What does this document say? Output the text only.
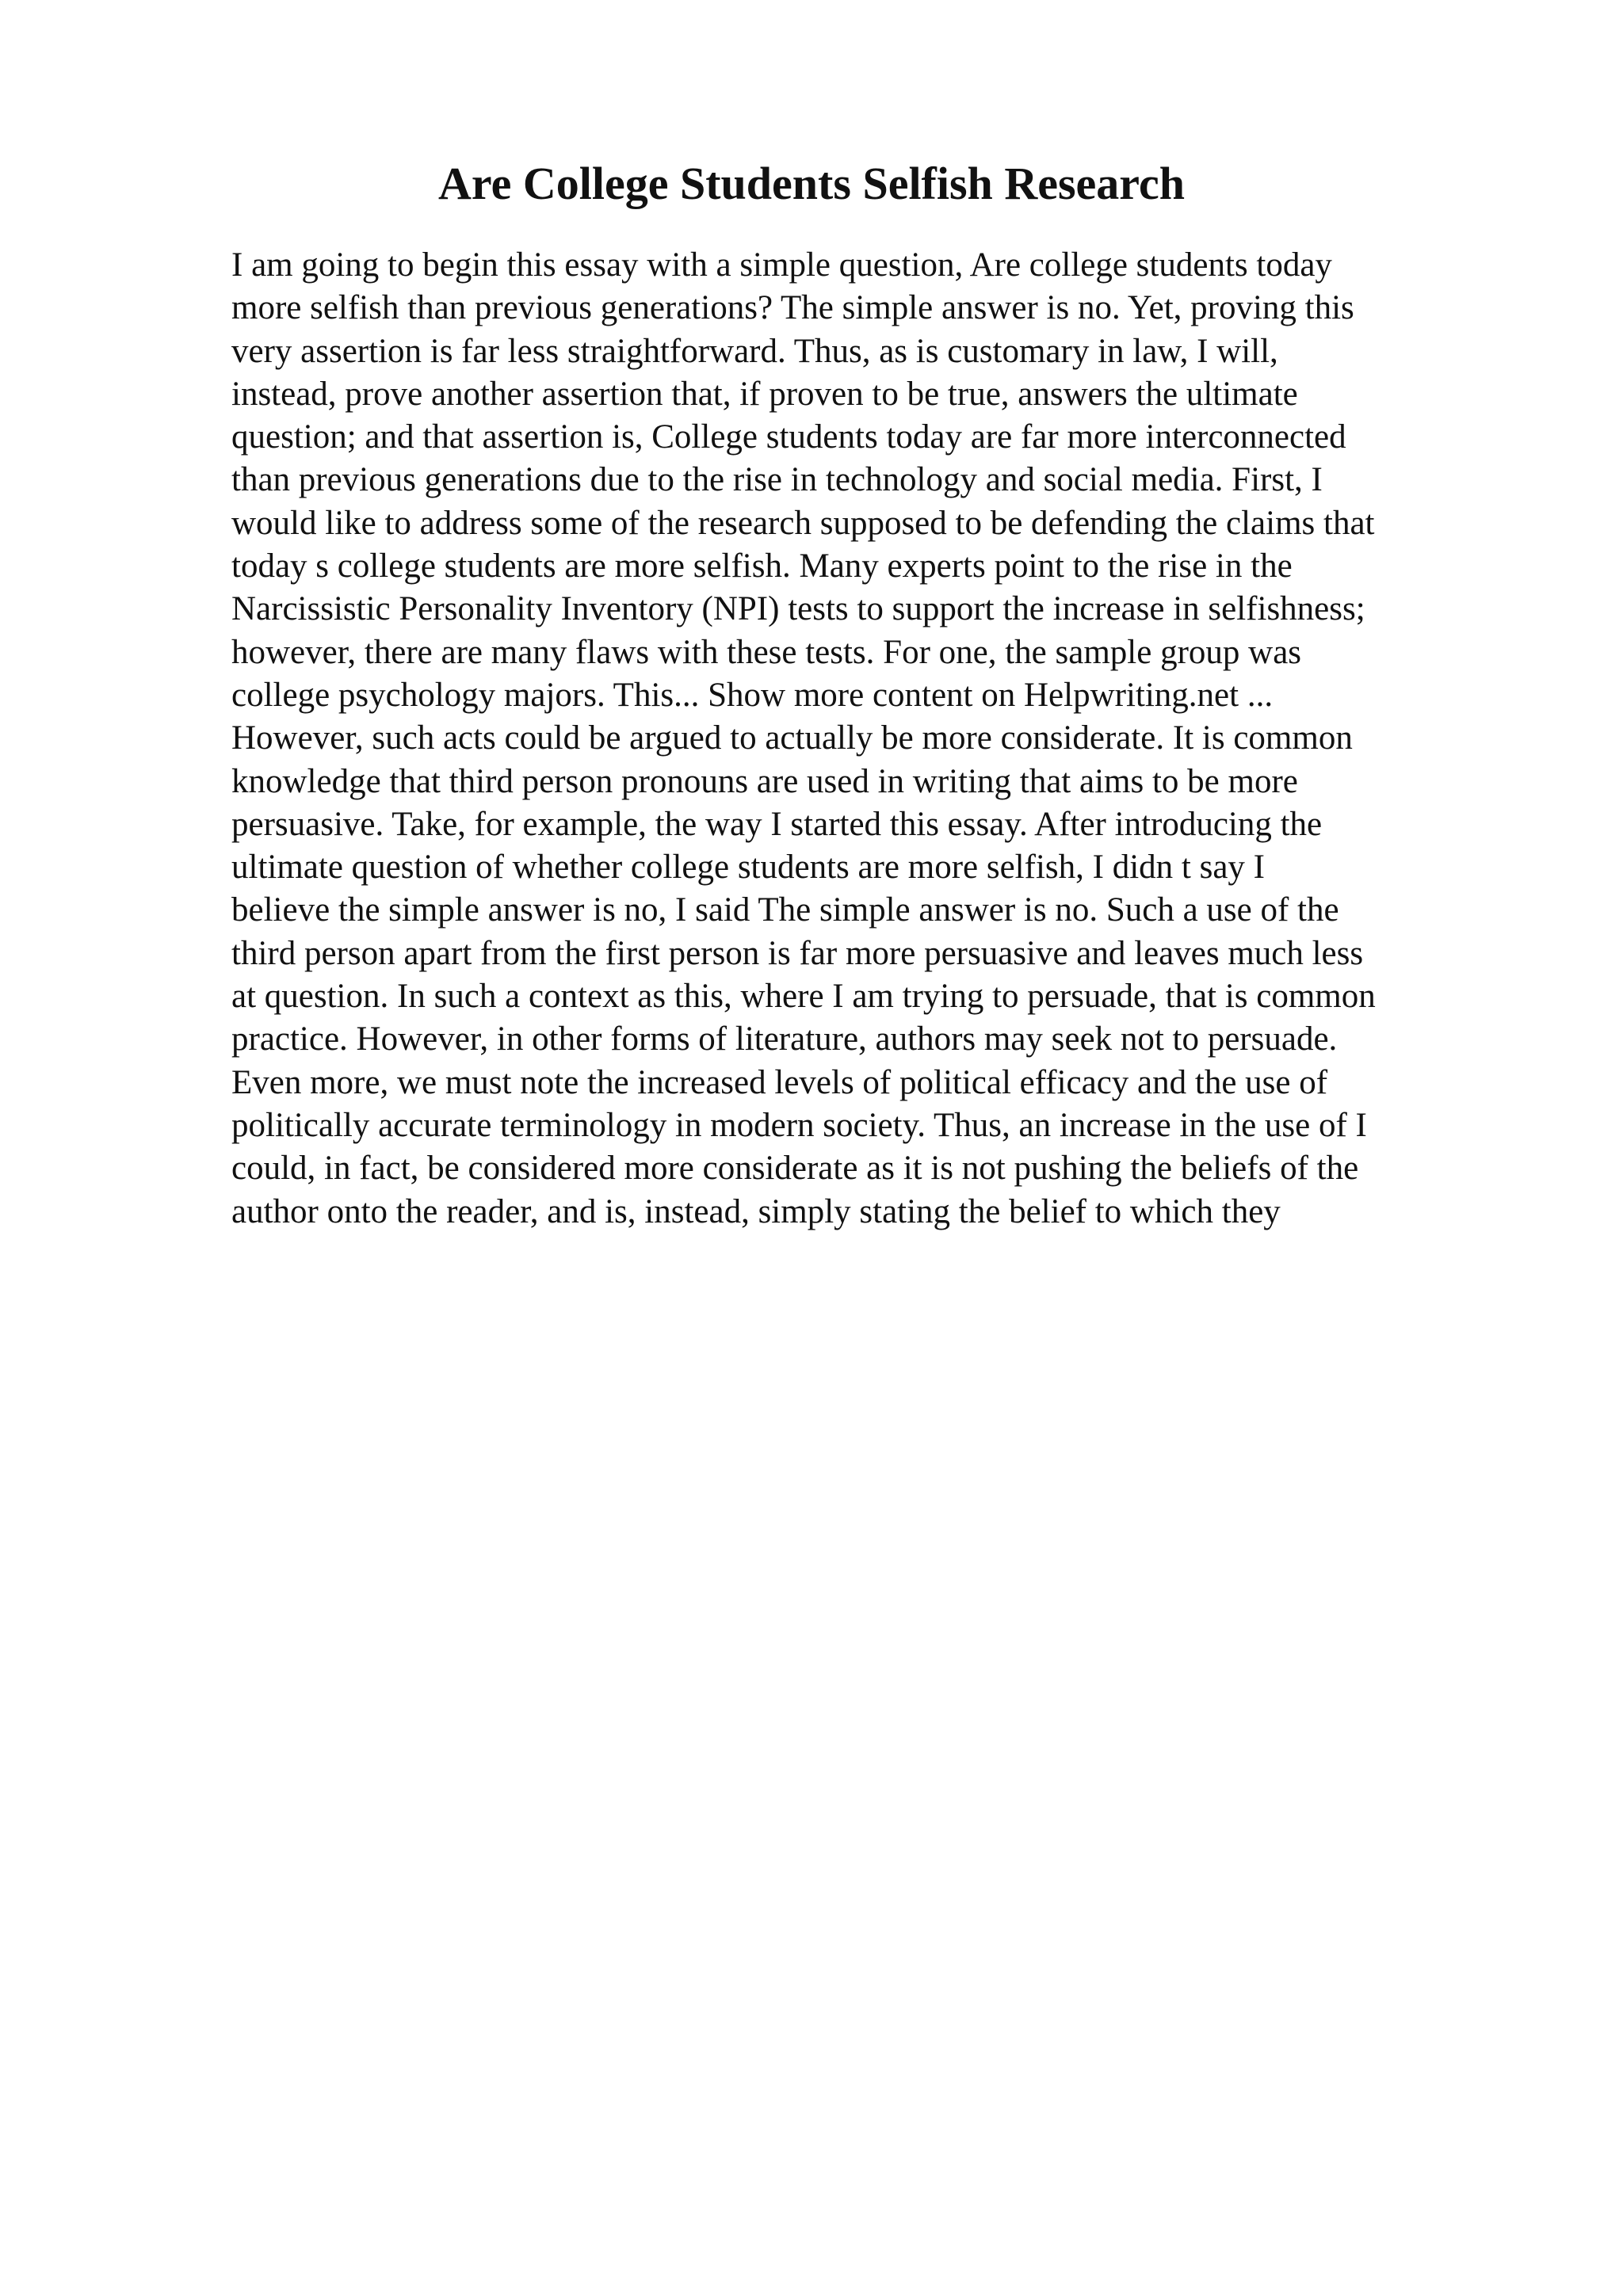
Are College Students Selfish Research
I am going to begin this essay with a simple question, Are college students today
more selfish than previous generations? The simple answer is no. Yet, proving this
very assertion is far less straightforward. Thus, as is customary in law, I will,
instead, prove another assertion that, if proven to be true, answers the ultimate
question; and that assertion is, College students today are far more interconnected
than previous generations due to the rise in technology and social media. First, I
would like to address some of the research supposed to be defending the claims that
today s college students are more selfish. Many experts point to the rise in the
Narcissistic Personality Inventory (NPI) tests to support the increase in selfishness;
however, there are many flaws with these tests. For one, the sample group was
college psychology majors. This... Show more content on Helpwriting.net ...
However, such acts could be argued to actually be more considerate. It is common
knowledge that third person pronouns are used in writing that aims to be more
persuasive. Take, for example, the way I started this essay. After introducing the
ultimate question of whether college students are more selfish, I didn t say I
believe the simple answer is no, I said The simple answer is no. Such a use of the
third person apart from the first person is far more persuasive and leaves much less
at question. In such a context as this, where I am trying to persuade, that is common
practice. However, in other forms of literature, authors may seek not to persuade.
Even more, we must note the increased levels of political efficacy and the use of
politically accurate terminology in modern society. Thus, an increase in the use of I
could, in fact, be considered more considerate as it is not pushing the beliefs of the
author onto the reader, and is, instead, simply stating the belief to which they
